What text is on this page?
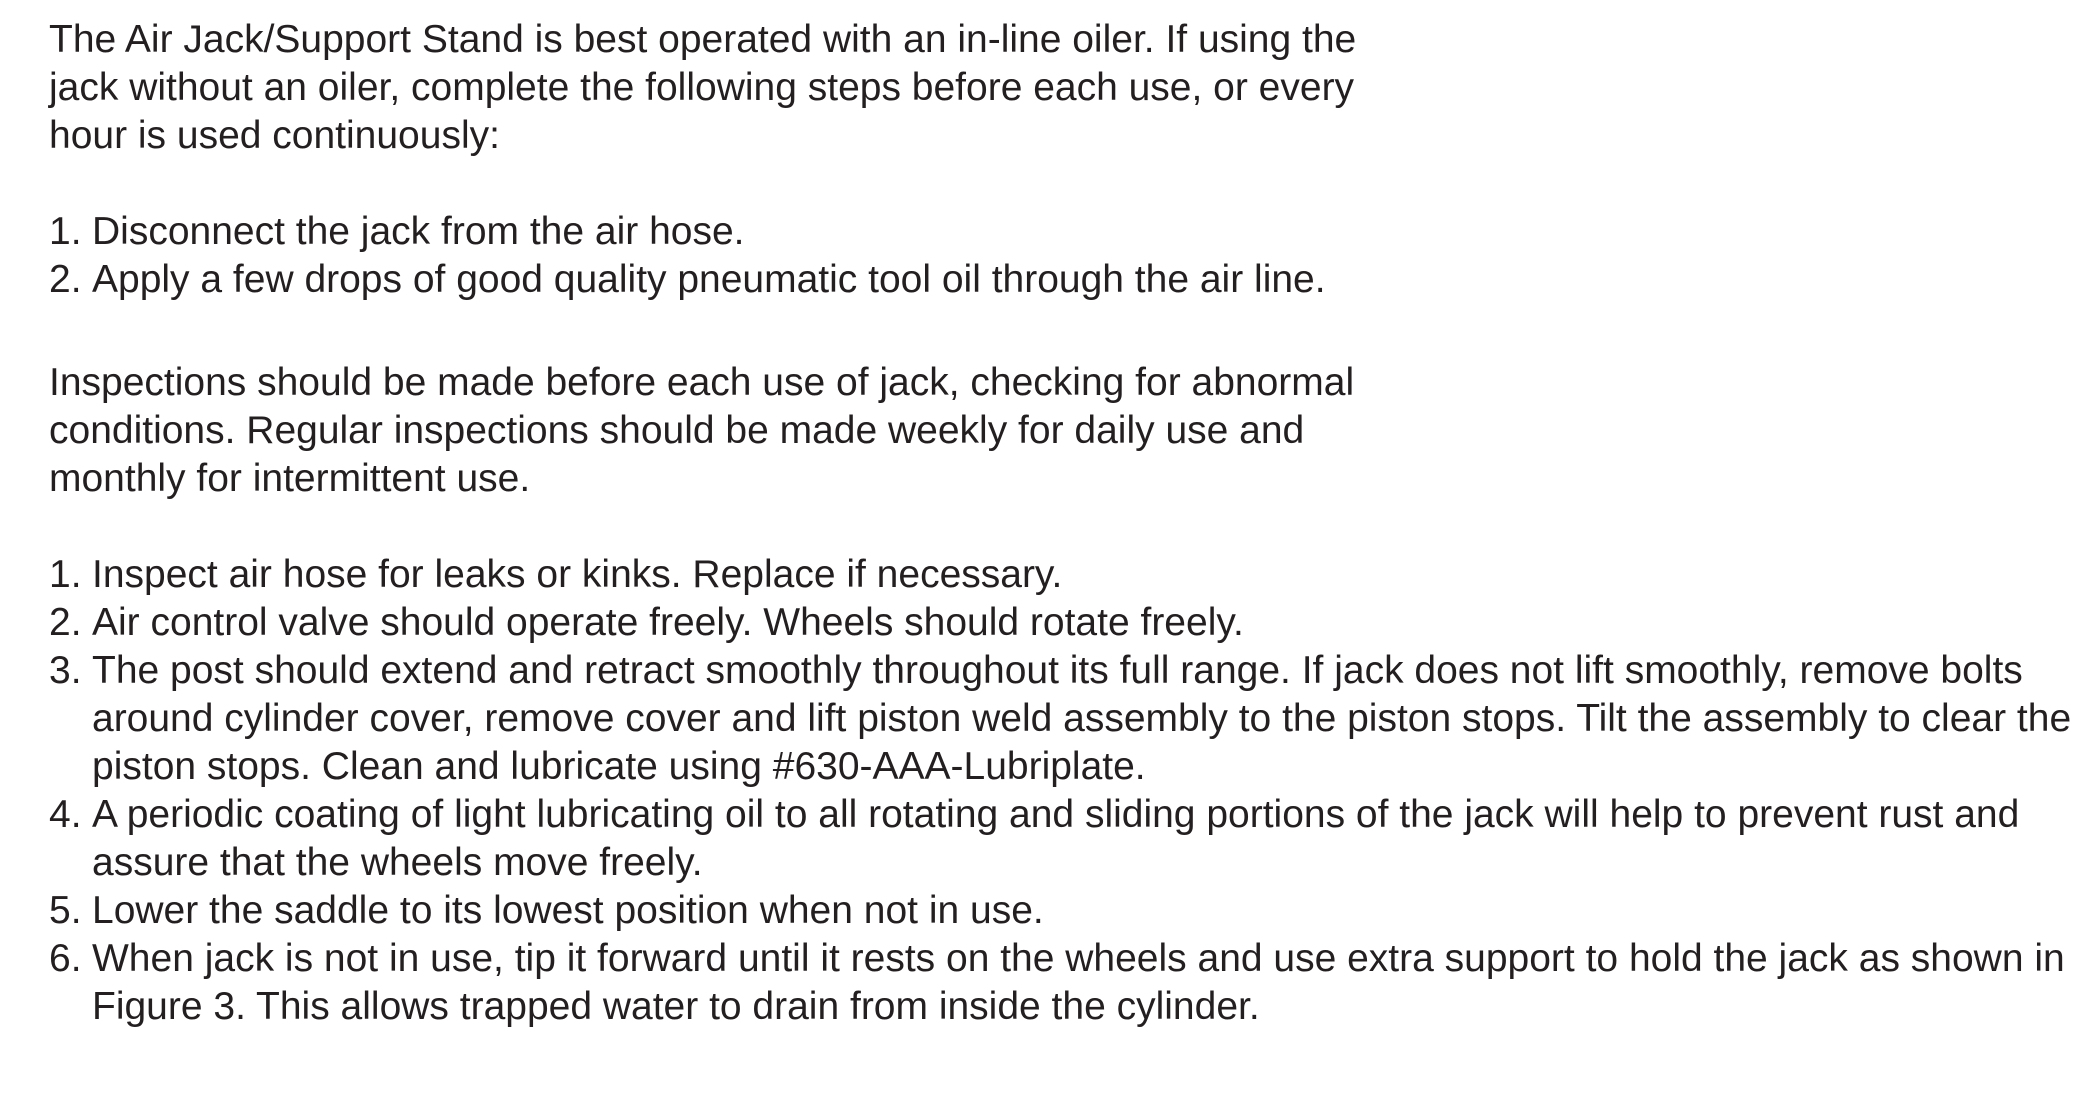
The Air Jack/Support Stand is best operated with an in-line oiler. If using the jack without an oiler, complete the following steps before each use, or every hour is used continuously:

1. Disconnect the jack from the air hose.
2. Apply a few drops of good quality pneumatic tool oil through the air line.

Inspections should be made before each use of jack, checking for abnormal conditions. Regular inspections should be made weekly for daily use and monthly for intermittent use.

1. Inspect air hose for leaks or kinks. Replace if necessary.
2. Air control valve should operate freely. Wheels should rotate freely.
3. The post should extend and retract smoothly throughout its full range. If jack does not lift smoothly, remove bolts around cylinder cover, remove cover and lift piston weld assembly to the piston stops. Tilt the assembly to clear the piston stops. Clean and lubricate using #630-AAA-Lubriplate.
4. A periodic coating of light lubricating oil to all rotating and sliding portions of the jack will help to prevent rust and assure that the wheels move freely.
5. Lower the saddle to its lowest position when not in use.
6. When jack is not in use, tip it forward until it rests on the wheels and use extra support to hold the jack as shown in Figure 3. This allows trapped water to drain from inside the cylinder.
